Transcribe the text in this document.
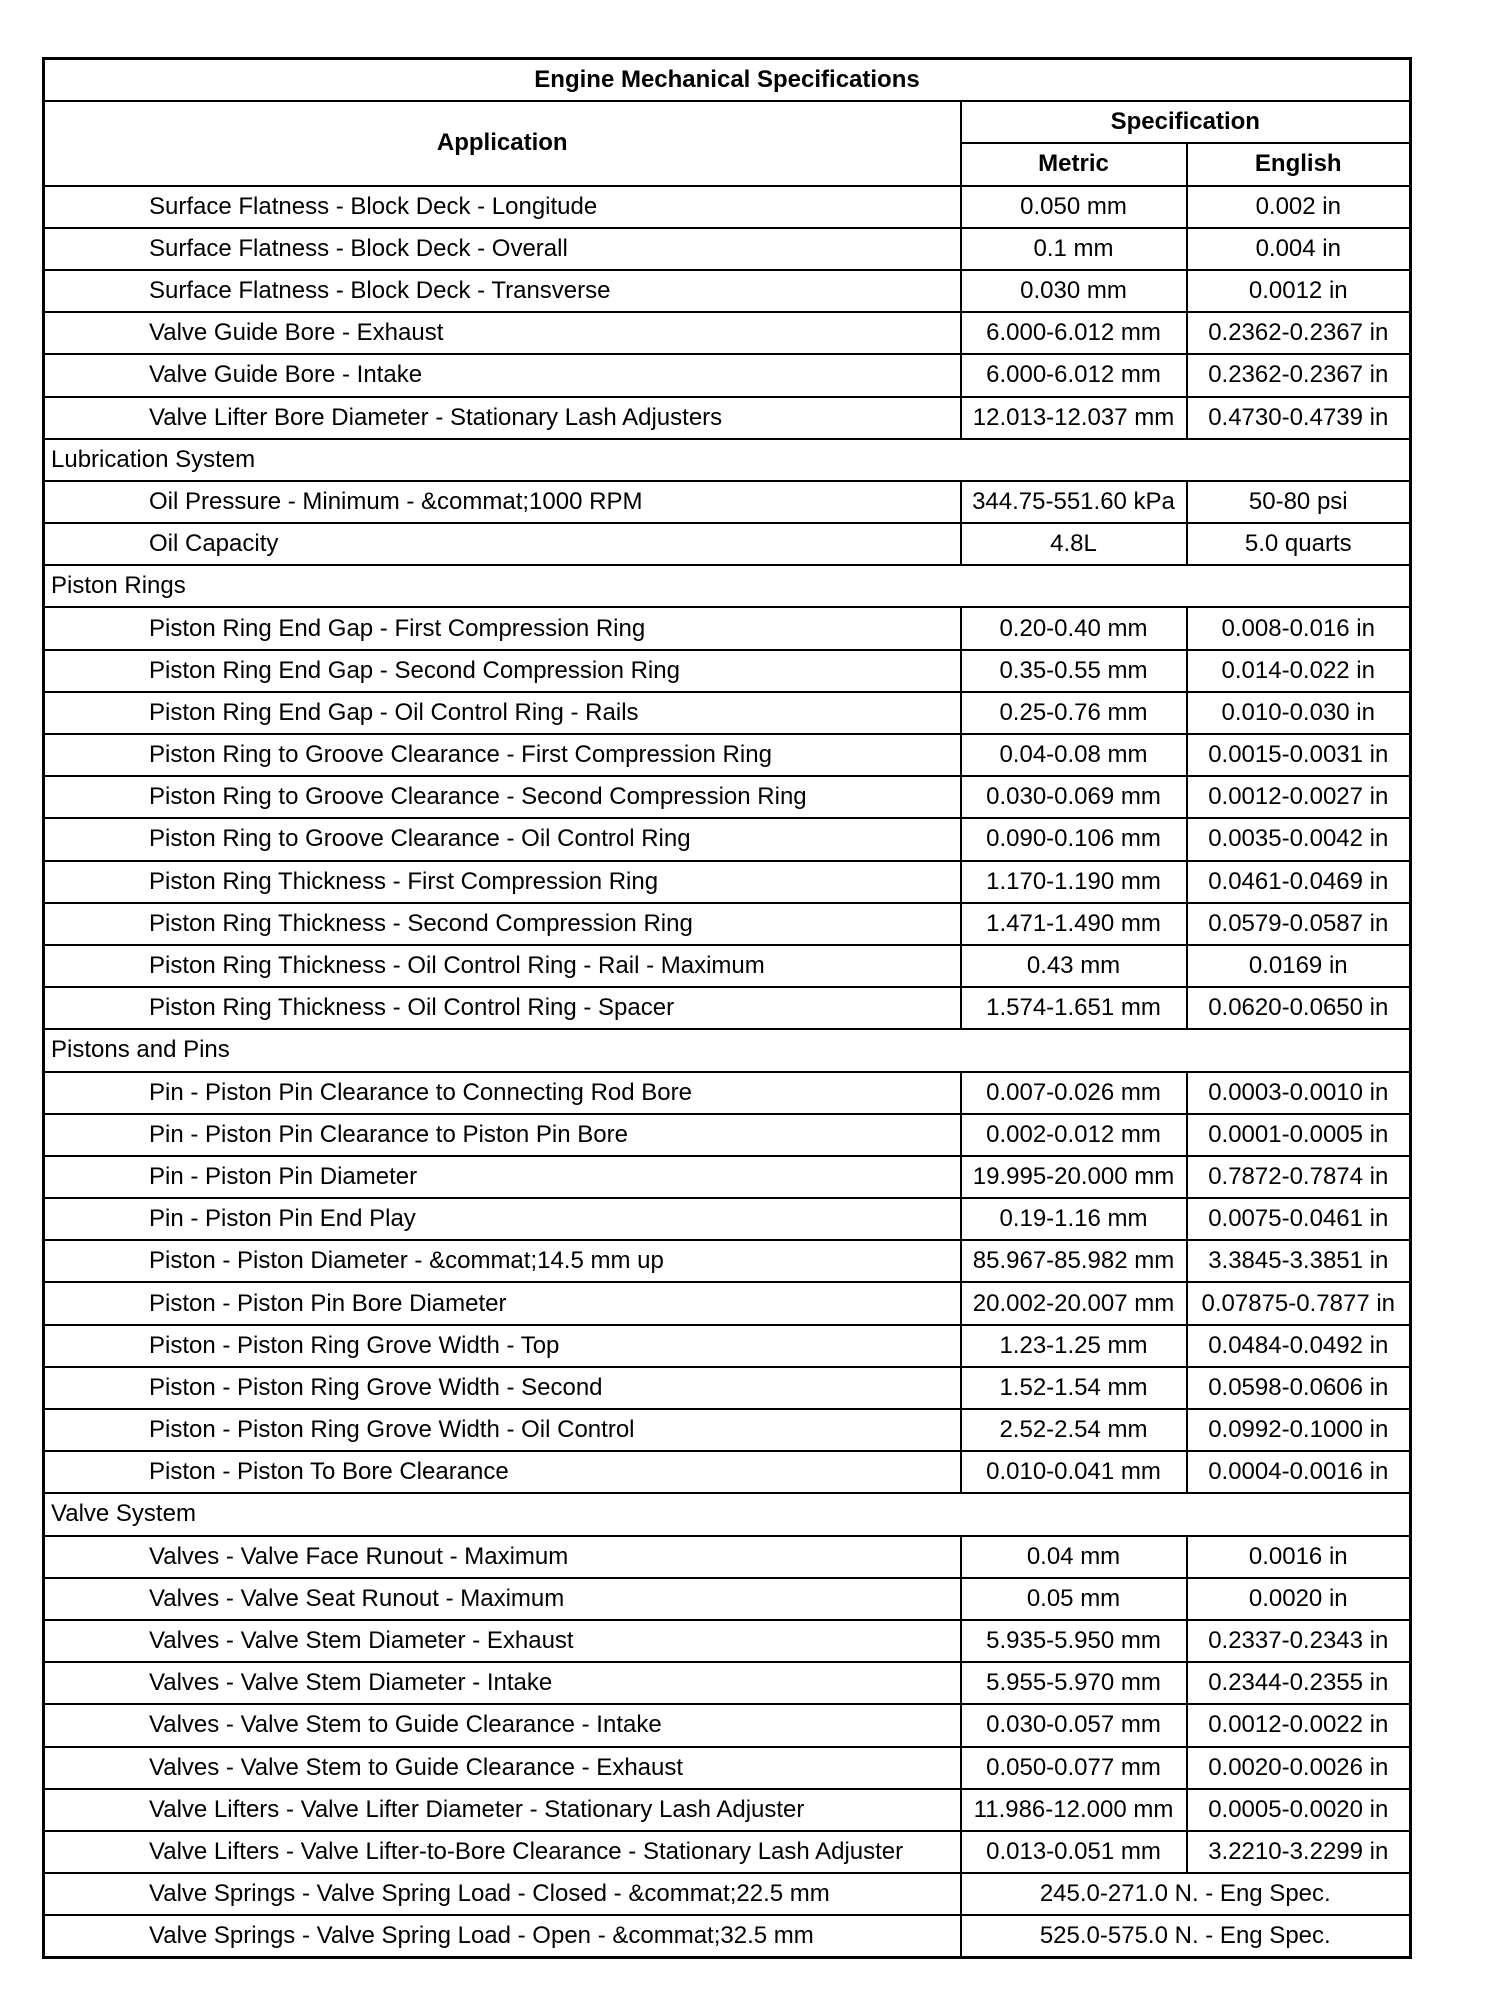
Engine Mechanical Specifications		
Application	Specification	
	Metric	English
Surface Flatness - Block Deck - Longitude	0.050 mm	0.002 in
Surface Flatness - Block Deck - Overall	0.1 mm	0.004 in
Surface Flatness - Block Deck - Transverse	0.030 mm	0.0012 in
Valve Guide Bore - Exhaust	6.000-6.012 mm	0.2362-0.2367 in
Valve Guide Bore - Intake	6.000-6.012 mm	0.2362-0.2367 in
Valve Lifter Bore Diameter - Stationary Lash Adjusters	12.013-12.037 mm	0.4730-0.4739 in
Lubrication System		
Oil Pressure - Minimum - &commat;1000 RPM	344.75-551.60 kPa	50-80 psi
Oil Capacity	4.8L	5.0 quarts
Piston Rings		
Piston Ring End Gap - First Compression Ring	0.20-0.40 mm	0.008-0.016 in
Piston Ring End Gap - Second Compression Ring	0.35-0.55 mm	0.014-0.022 in
Piston Ring End Gap - Oil Control Ring - Rails	0.25-0.76 mm	0.010-0.030 in
Piston Ring to Groove Clearance - First Compression Ring	0.04-0.08 mm	0.0015-0.0031 in
Piston Ring to Groove Clearance - Second Compression Ring	0.030-0.069 mm	0.0012-0.0027 in
Piston Ring to Groove Clearance - Oil Control Ring	0.090-0.106 mm	0.0035-0.0042 in
Piston Ring Thickness - First Compression Ring	1.170-1.190 mm	0.0461-0.0469 in
Piston Ring Thickness - Second Compression Ring	1.471-1.490 mm	0.0579-0.0587 in
Piston Ring Thickness - Oil Control Ring - Rail - Maximum	0.43 mm	0.0169 in
Piston Ring Thickness - Oil Control Ring - Spacer	1.574-1.651 mm	0.0620-0.0650 in
Pistons and Pins		
Pin - Piston Pin Clearance to Connecting Rod Bore	0.007-0.026 mm	0.0003-0.0010 in
Pin - Piston Pin Clearance to Piston Pin Bore	0.002-0.012 mm	0.0001-0.0005 in
Pin - Piston Pin Diameter	19.995-20.000 mm	0.7872-0.7874 in
Pin - Piston Pin End Play	0.19-1.16 mm	0.0075-0.0461 in
Piston - Piston Diameter - &commat;14.5 mm up	85.967-85.982 mm	3.3845-3.3851 in
Piston - Piston Pin Bore Diameter	20.002-20.007 mm	0.07875-0.7877 in
Piston - Piston Ring Grove Width - Top	1.23-1.25 mm	0.0484-0.0492 in
Piston - Piston Ring Grove Width - Second	1.52-1.54 mm	0.0598-0.0606 in
Piston - Piston Ring Grove Width - Oil Control	2.52-2.54 mm	0.0992-0.1000 in
Piston - Piston To Bore Clearance	0.010-0.041 mm	0.0004-0.0016 in
Valve System		
Valves - Valve Face Runout - Maximum	0.04 mm	0.0016 in
Valves - Valve Seat Runout - Maximum	0.05 mm	0.0020 in
Valves - Valve Stem Diameter - Exhaust	5.935-5.950 mm	0.2337-0.2343 in
Valves - Valve Stem Diameter - Intake	5.955-5.970 mm	0.2344-0.2355 in
Valves - Valve Stem to Guide Clearance - Intake	0.030-0.057 mm	0.0012-0.0022 in
Valves - Valve Stem to Guide Clearance - Exhaust	0.050-0.077 mm	0.0020-0.0026 in
Valve Lifters - Valve Lifter Diameter - Stationary Lash Adjuster	11.986-12.000 mm	0.0005-0.0020 in
Valve Lifters - Valve Lifter-to-Bore Clearance - Stationary Lash Adjuster	0.013-0.051 mm	3.2210-3.2299 in
Valve Springs - Valve Spring Load - Closed - &commat;22.5 mm	245.0-271.0 N. - Eng Spec.	
Valve Springs - Valve Spring Load - Open - &commat;32.5 mm	525.0-575.0 N. - Eng Spec.	
